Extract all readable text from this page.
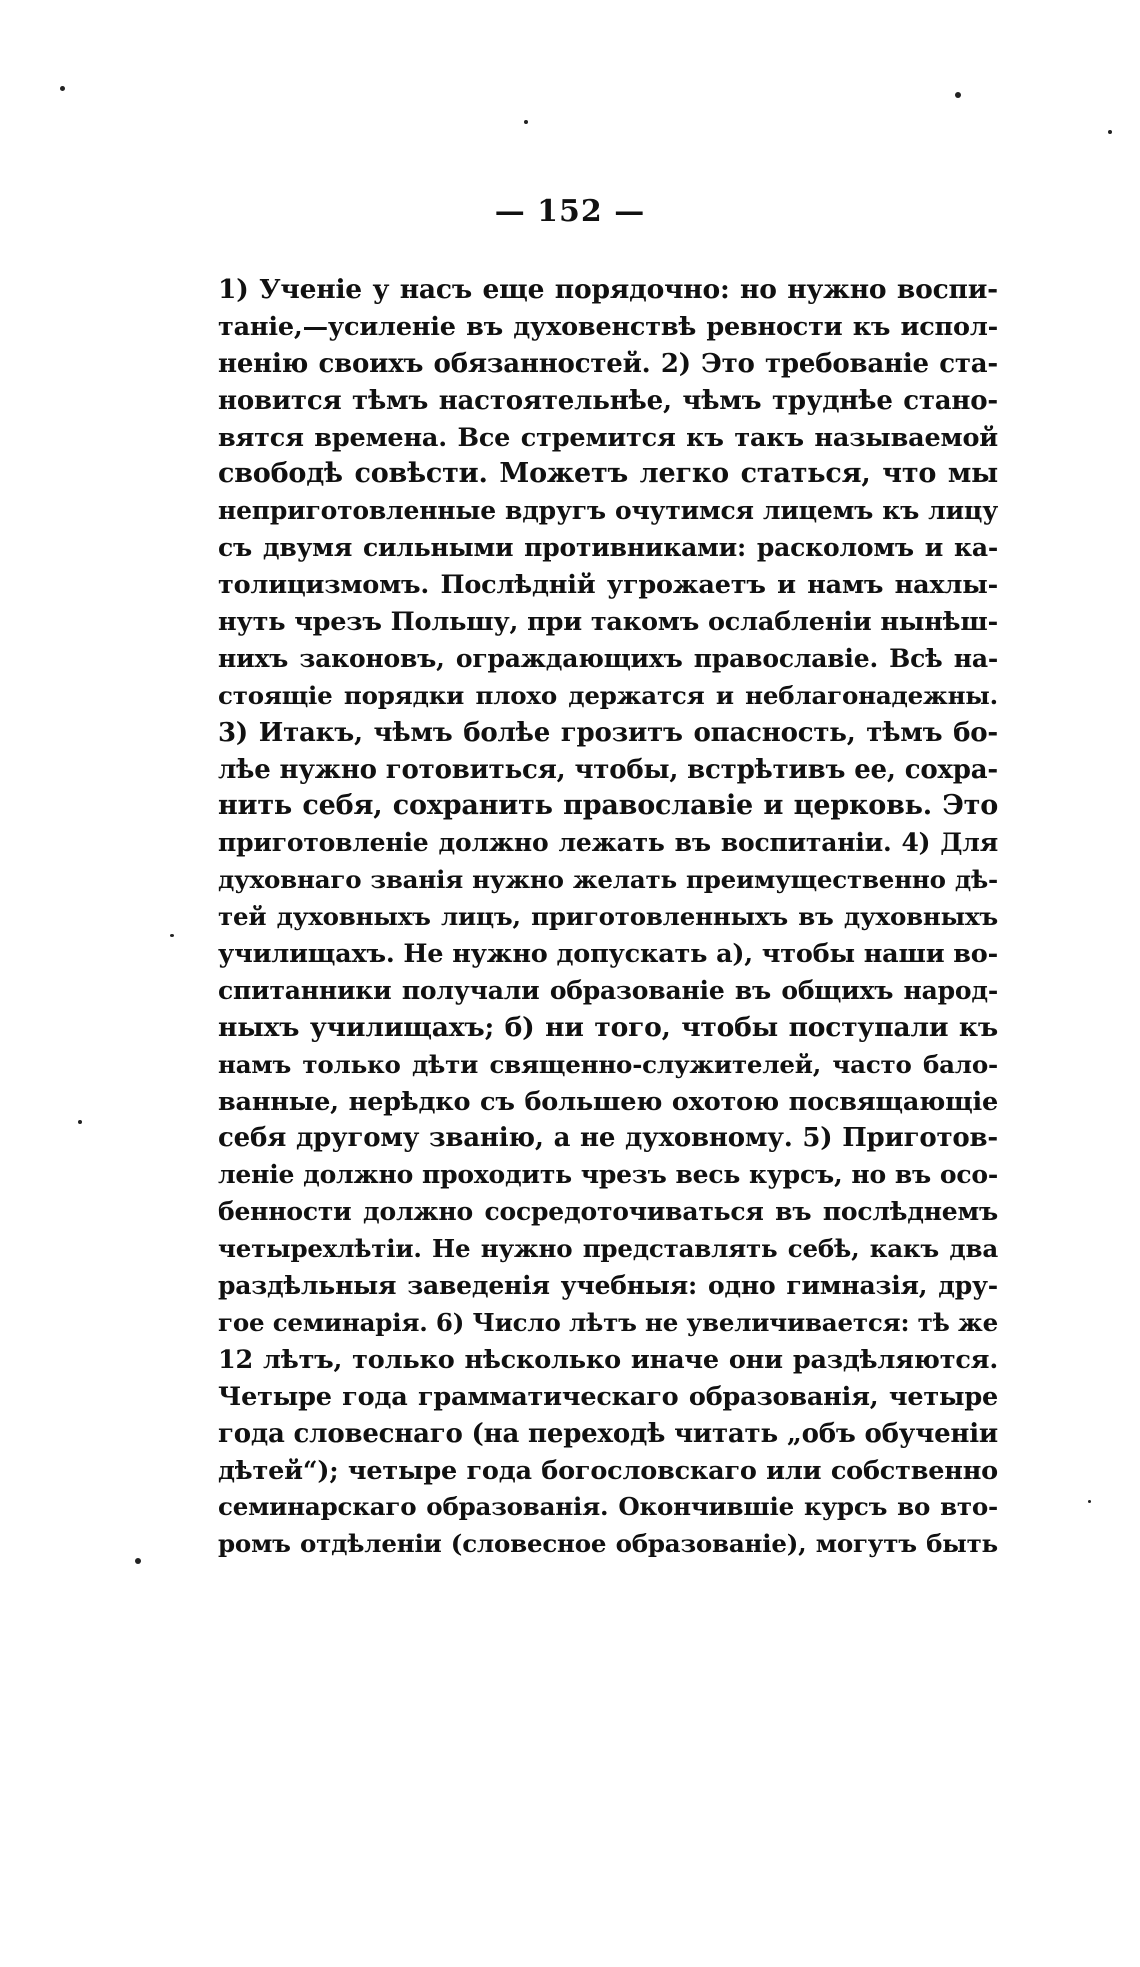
— 152 —
1) Ученіе у насъ еще порядочно: но нужно воспи-
таніе,—усиленіе въ духовенствѣ ревности къ испол-
ненію своихъ обязанностей. 2) Это требованіе ста-
новится тѣмъ настоятельнѣе, чѣмъ труднѣе стано-
вятся времена. Все стремится къ такъ называемой
свободѣ совѣсти. Можетъ легко статься, что мы
неприготовленные вдругъ очутимся лицемъ къ лицу
съ двумя сильными противниками: расколомъ и ка-
толицизмомъ. Послѣдній угрожаетъ и намъ нахлы-
нуть чрезъ Польшу, при такомъ ослабленіи нынѣш-
нихъ законовъ, ограждающихъ православіе. Всѣ на-
стоящіе порядки плохо держатся и неблагонадежны.
3) Итакъ, чѣмъ болѣе грозитъ опасность, тѣмъ бо-
лѣе нужно готовиться, чтобы, встрѣтивъ ее, сохра-
нить себя, сохранить православіе и церковь. Это
приготовленіе должно лежать въ воспитаніи. 4) Для
духовнаго званія нужно желать преимущественно дѣ-
тей духовныхъ лицъ, приготовленныхъ въ духовныхъ
училищахъ. Не нужно допускать а), чтобы наши во-
спитанники получали образованіе въ общихъ народ-
ныхъ училищахъ; б) ни того, чтобы поступали къ
намъ только дѣти священно-служителей, часто бало-
ванные, нерѣдко съ большею охотою посвящающіе
себя другому званію, а не духовному. 5) Приготов-
леніе должно проходить чрезъ весь курсъ, но въ осо-
бенности должно сосредоточиваться въ послѣднемъ
четырехлѣтіи. Не нужно представлять себѣ, какъ два
раздѣльныя заведенія учебныя: одно гимназія, дру-
гое семинарія. 6) Число лѣтъ не увеличивается: тѣ же
12 лѣтъ, только нѣсколько иначе они раздѣляются.
Четыре года грамматическаго образованія, четыре
года словеснаго (на переходѣ читать „объ обученіи
дѣтей“); четыре года богословскаго или собственно
семинарскаго образованія. Окончившіе курсъ во вто-
ромъ отдѣленіи (словесное образованіе), могутъ быть
